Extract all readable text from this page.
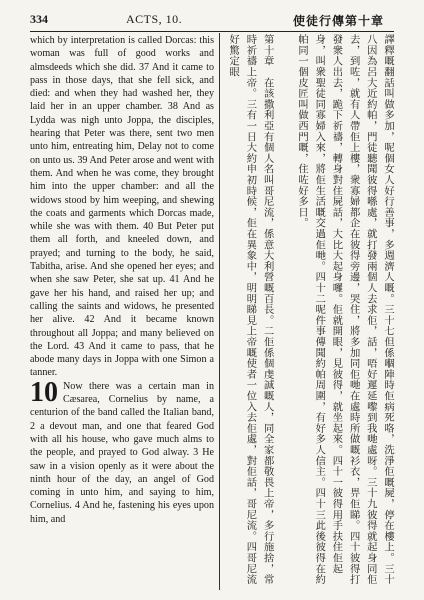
334	ACTS, 10.	使徒行傳第十章

which by interpretation is called Dorcas: this woman was full of good works and almsdeeds which she did. 37 And it came to pass in those days, that she fell sick, and died: and when they had washed her, they laid her in an upper chamber. 38 And as Lydda was nigh unto Joppa, the disciples, hearing that Peter was there, sent two men unto him, entreating him, Delay not to come on unto us. 39 And Peter arose and went with them. And when he was come, they brought him into the upper chamber: and all the widows stood by him weeping, and shewing the coats and garments which Dorcas made, while she was with them. 40 But Peter put them all forth, and kneeled down, and prayed; and turning to the body, he said, Tabitha, arise. And she opened her eyes; and when she saw Peter, she sat up. 41 And he gave her his hand, and raised her up; and calling the saints and widows, he presented her alive. 42 And it became known throughout all Joppa; and many believed on the Lord. 43 And it came to pass, that he abode many days in Joppa with one Simon a tanner.

10 Now there was a certain man in Cæsarea, Cornelius by name, a centurion of the band called the Italian band, 2 a devout man, and one that feared God with all his house, who gave much alms to the people, and prayed to God alway. 3 He saw in a vision openly as it were about the ninth hour of the day, an angel of God coming in unto him, and saying to him, Cornelius. 4 And he, fastening his eyes upon him, and	譯釋嘅翻話叫做多加，呢個女人好行善事，多週濟人嘅。三十七但係嗰陣時佢病死咯，洗淨佢嘅屍，停在樓上。三十八因為呂大近約帕，門徒聽聞彼得喺處，就打發兩個人去求佢，話，唔好遲延嚟到我哋處呀。三十九彼得就起身同佢去，到咗，就有人帶佢上樓，衆寡婦都企在彼得旁邊，哭住，將多加同佢哋在處時所做嘅衫衣，畀佢睇。四十彼得打發衆人出去，跪下祈禱，轉身對住屍話，大比大起身囉。佢就開眼，見彼得，就坐起來。四十一彼得用手扶住佢起身，叫衆聖徒同寡婦入來，將佢生活嘅交過佢哋。四十二呢件事傳聞約帕周圍，有好多人信主。四十三此後彼得在約帕同一個皮匠叫做西門嘅，住咗好多日。

第十章　在該撒利亞有個人名叫哥尼流，係意大利營嘅百長。二佢係個虔誠嘅人，同全家都敬畏上帝，多行施捨，常時祈禱上帝。三有一日大約申初時候，佢在異象中，明明睇見上帝嘅使者一位入去佢處，對佢話，哥尼流。四哥尼流好驚定眼
